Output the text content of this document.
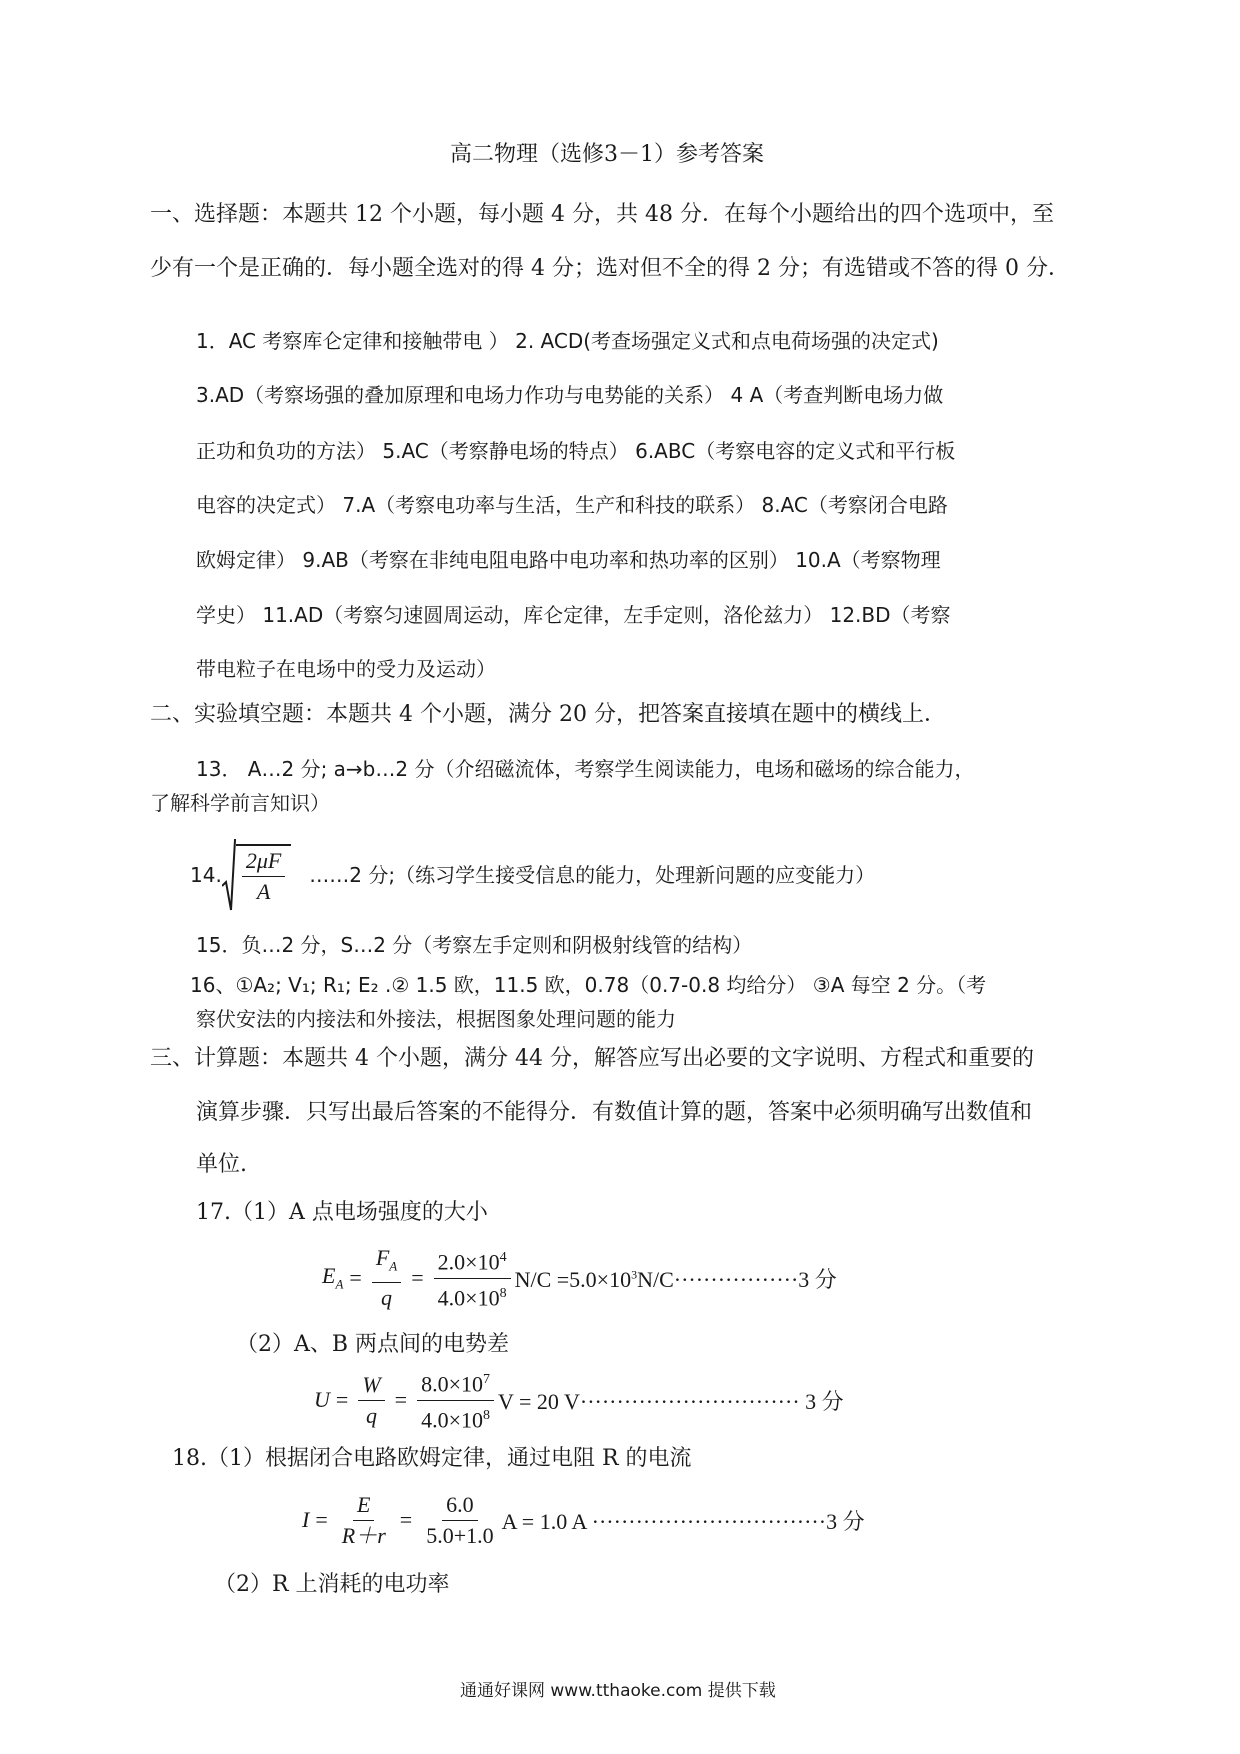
高二物理（选修3－1）参考答案
一、选择题：本题共 12 个小题，每小题 4 分，共 48 分．在每个小题给出的四个选项中，至
少有一个是正确的．每小题全选对的得 4 分；选对但不全的得 2 分；有选错或不答的得 0 分．
1．AC 考察库仑定律和接触带电 ） 2. ACD(考查场强定义式和点电荷场强的决定式)
3.AD（考察场强的叠加原理和电场力作功与电势能的关系） 4 A（考查判断电场力做
正功和负功的方法） 5.AC（考察静电场的特点） 6.ABC（考察电容的定义式和平行板
电容的决定式） 7.A（考察电功率与生活，生产和科技的联系） 8.AC（考察闭合电路
欧姆定律） 9.AB（考察在非纯电阻电路中电功率和热功率的区别） 10.A（考察物理
学史） 11.AD（考察匀速圆周运动，库仑定律，左手定则，洛伦兹力） 12.BD（考察
带电粒子在电场中的受力及运动）
二、实验填空题：本题共 4 个小题，满分 20 分，把答案直接填在题中的横线上．
13． A…2 分; a→b…2 分（介绍磁流体，考察学生阅读能力，电场和磁场的综合能力，
了解科学前言知识）
14. $\frac{2\mu F}{A}$ ……2 分;（练习学生接受信息的能力，处理新问题的应变能力）
15．负…2 分，S…2 分（考察左手定则和阴极射线管的结构）
16、①A₂; V₁; R₁; E₂ .② 1.5 欧，11.5 欧，0.78（0.7-0.8 均给分） ③A 每空 2 分。（考
察伏安法的内接法和外接法，根据图象处理问题的能力
三、计算题：本题共 4 个小题，满分 44 分，解答应写出必要的文字说明、方程式和重要的
演算步骤．只写出最后答案的不能得分．有数值计算的题，答案中必须明确写出数值和
单位.
17.（1）A 点电场强度的大小
$E_A = \frac{F_A}{q} = \frac{2.0\times 10^4}{4.0\times 10^8} N/C =5.0\times 10^3N/C\cdot\cdot\cdot\cdot\cdot\cdot\cdot\cdot\cdot\cdot\cdot\cdot\cdot\cdot\cdot\cdot\cdot 3$ 分
（2）A、B 两点间的电势差
$U = \frac{W}{q} = \frac{8.0\times 10^7}{4.0\times 10^8}$ V = 20 V······························ 3 分
18.（1）根据闭合电路欧姆定律，通过电阻 R 的电流
$I = \frac{E}{R+r} = \frac{6.0}{5.0+1.0}$ A = 1.0 A ································3 分
（2）R 上消耗的电功率
通通好课网 www.tthaoke.com 提供下载
